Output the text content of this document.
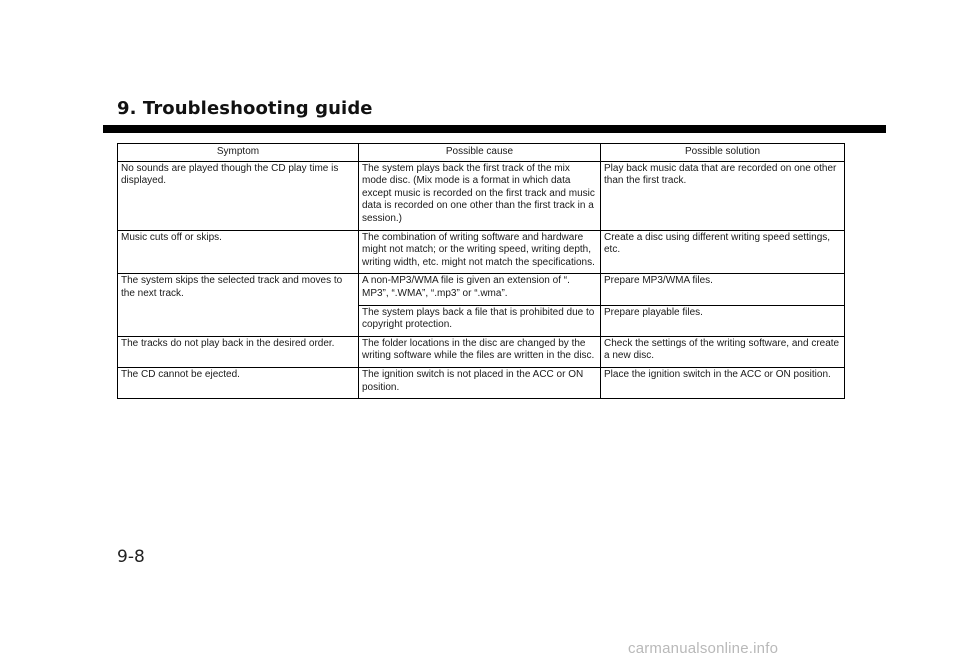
9. Troubleshooting guide
Symptom	Possible cause	Possible solution
No sounds are played though the CD play time is displayed.	The system plays back the first track of the mix mode disc. (Mix mode is a format in which data except music is recorded on the first track and music data is recorded on one other than the first track in a session.)	Play back music data that are recorded on one other than the first track.
Music cuts off or skips.	The combination of writing software and hardware might not match; or the writing speed, writing depth, writing width, etc. might not match the specifications.	Create a disc using different writing speed settings, etc.
The system skips the selected track and moves to the next track.	A non-MP3/WMA file is given an extension of “. MP3”, “.WMA”, “.mp3” or “.wma”.	Prepare MP3/WMA files.
	The system plays back a file that is prohibited due to copyright protection.	Prepare playable files.
The tracks do not play back in the desired order.	The folder locations in the disc are changed by the writing software while the files are written in the disc.	Check the settings of the writing software, and create a new disc.
The CD cannot be ejected.	The ignition switch is not placed in the ACC or ON position.	Place the ignition switch in the ACC or ON position.
9-8
carmanualsonline.info
